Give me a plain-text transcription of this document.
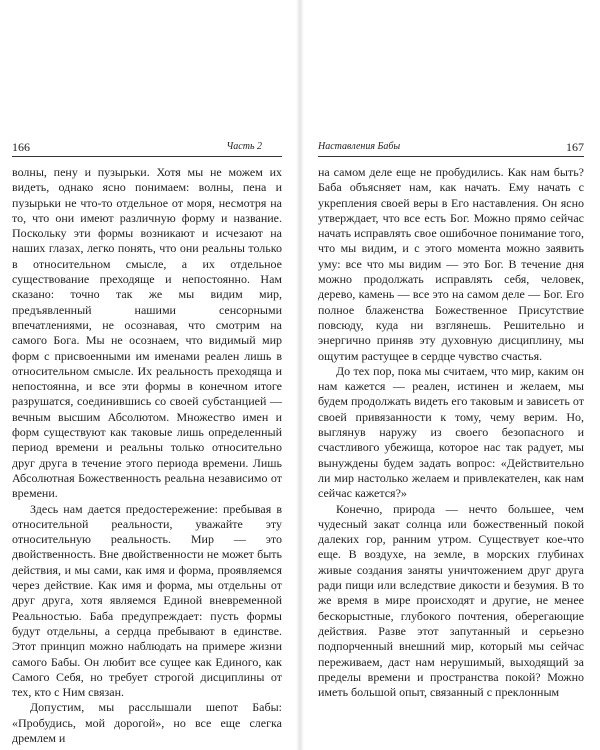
166	Часть 2

волны, пену и пузырьки. Хотя мы не можем их видеть, однако ясно понимаем: волны, пена и пузырьки не что-то отдельное от моря, несмотря на то, что они имеют различную форму и название. Поскольку эти формы возникают и исчезают на наших глазах, легко понять, что они реальны только в относительном смысле, а их отдельное существование преходяще и непостоянно. Нам сказано: точно так же мы видим мир, предъявленный нашими сенсорными впечатлениями, не осознавая, что смотрим на самого Бога. Мы не осознаем, что видимый мир форм с присвоенными им именами реален лишь в относительном смысле. Их реальность преходяща и непостоянна, и все эти формы в конечном итоге разрушатся, соединившись со своей субстанцией — вечным высшим Абсолютом. Множество имен и форм существуют как таковые лишь определенный период времени и реальны только относительно друг друга в течение этого периода времени. Лишь Абсолютная Божественность реальна независимо от времени.

Здесь нам дается предостережение: пребывая в относительной реальности, уважайте эту относительную реальность. Мир — это двойственность. Вне двойственности не может быть действия, и мы сами, как имя и форма, проявляемся через действие. Как имя и форма, мы отдельны от друг друга, хотя являемся Единой вневременной Реальностью. Баба предупреждает: пусть формы будут отдельны, а сердца пребывают в единстве. Этот принцип можно наблюдать на примере жизни самого Бабы. Он любит все сущее как Единого, как Самого Себя, но требует строгой дисциплины от тех, кто с Ним связан.

Допустим, мы расслышали шепот Бабы: «Пробудись, мой дорогой», но все еще слегка дремлем и

Наставления Бабы	167

на самом деле еще не пробудились. Как нам быть? Баба объясняет нам, как начать. Ему начать с укрепления своей веры в Его наставления. Он ясно утверждает, что все есть Бог. Можно прямо сейчас начать исправлять свое ошибочное понимание того, что мы видим, и с этого момента можно заявить уму: все что мы видим — это Бог. В течение дня можно продолжать исправлять себя, человек, дерево, камень — все это на самом деле — Бог. Его полное блаженства Божественное Присутствие повсюду, куда ни взглянешь. Решительно и энергично приняв эту духовную дисциплину, мы ощутим растущее в сердце чувство счастья.

До тех пор, пока мы считаем, что мир, каким он нам кажется — реален, истинен и желаем, мы будем продолжать видеть его таковым и зависеть от своей привязанности к тому, чему верим. Но, выглянув наружу из своего безопасного и счастливого убежища, которое нас так радует, мы вынуждены будем задать вопрос: «Действительно ли мир настолько желаем и привлекателен, как нам сейчас кажется?»

Конечно, природа — нечто большее, чем чудесный закат солнца или божественный покой далеких гор, ранним утром. Существует кое-что еще. В воздухе, на земле, в морских глубинах живые создания заняты уничтожением друг друга ради пищи или вследствие дикости и безумия. В то же время в мире происходят и другие, не менее бескорыстные, глубокого почтения, оберегающие действия. Разве этот запутанный и серьезно подпорченный внешний мир, который мы сейчас переживаем, даст нам нерушимый, выходящий за пределы времени и пространства покой? Можно иметь большой опыт, связанный с преклонным
